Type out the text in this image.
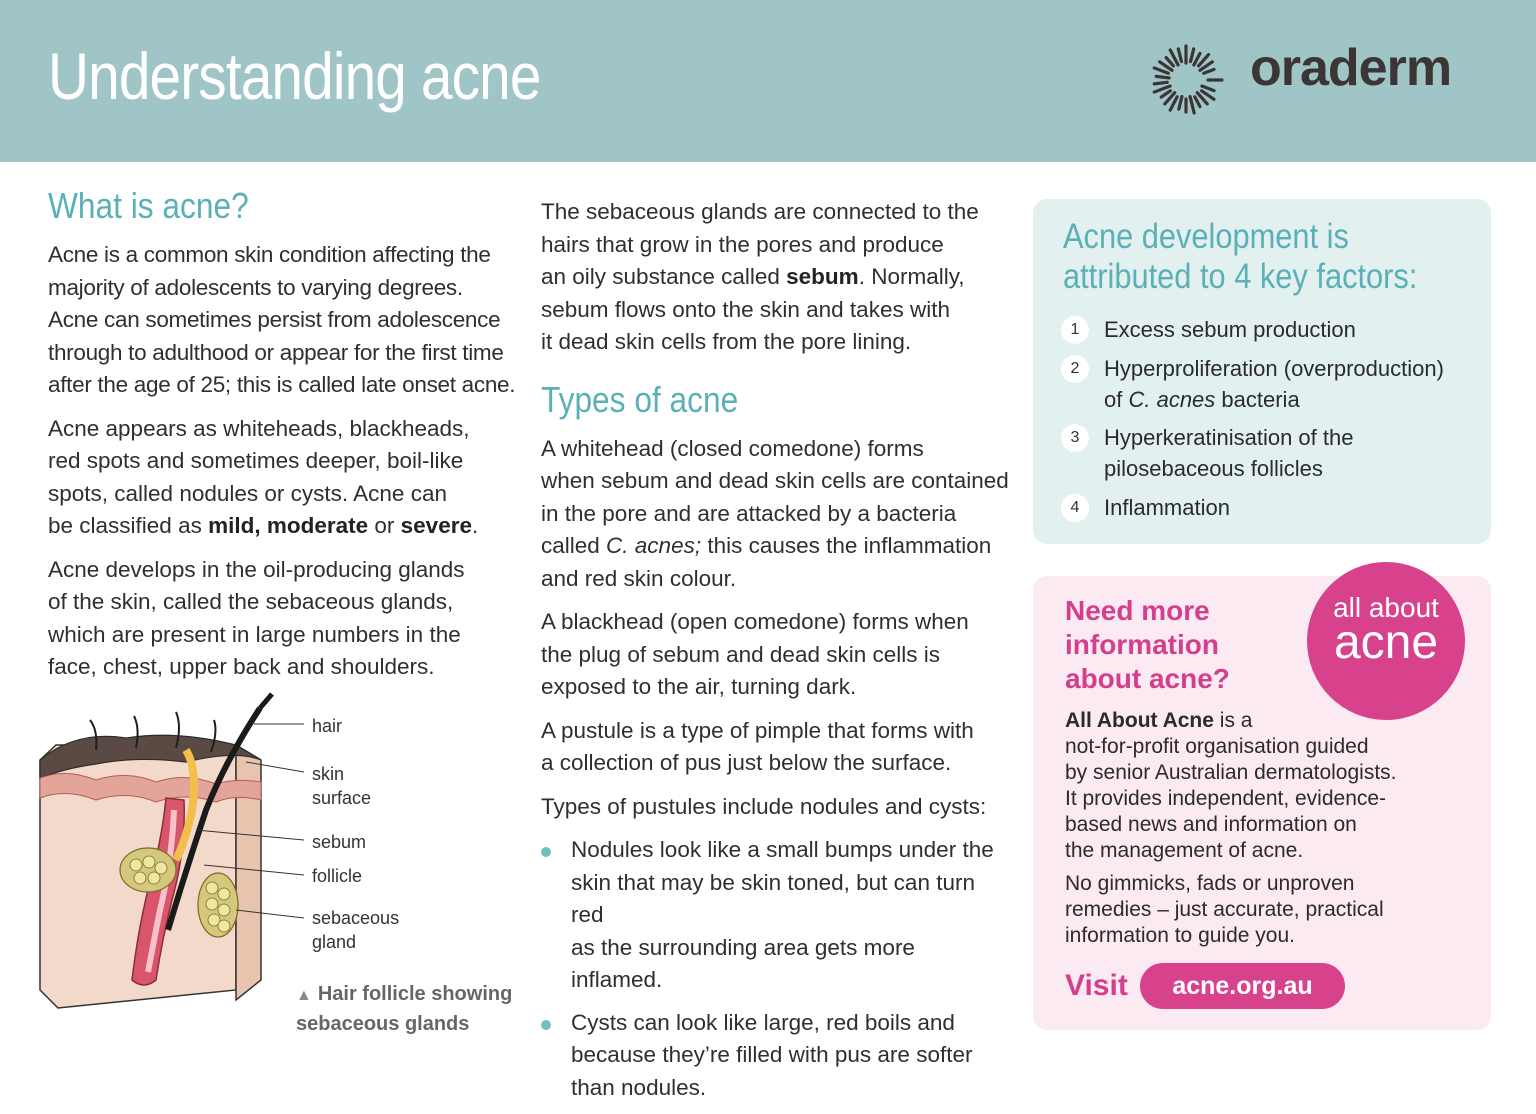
Understanding acne	oraderm
What is acne?

Acne is a common skin condition affecting the
majority of adolescents to varying degrees.
Acne can sometimes persist from adolescence
through to adulthood or appear for the first time
after the age of 25; this is called late onset acne.

Acne appears as whiteheads, blackheads,
red spots and sometimes deeper, boil-like
spots, called nodules or cysts. Acne can
be classified as mild, moderate or severe.

Acne develops in the oil-producing glands
of the skin, called the sebaceous glands,
which are present in large numbers in the
face, chest, upper back and shoulders.

hair
skin
surface
sebum
follicle
sebaceous
gland
▲ Hair follicle showing
sebaceous glands

The sebaceous glands are connected to the
hairs that grow in the pores and produce
an oily substance called sebum. Normally,
sebum flows onto the skin and takes with
it dead skin cells from the pore lining.

Types of acne

A whitehead (closed comedone) forms
when sebum and dead skin cells are contained
in the pore and are attacked by a bacteria
called C. acnes; this causes the inflammation
and red skin colour.

A blackhead (open comedone) forms when
the plug of sebum and dead skin cells is
exposed to the air, turning dark.

A pustule is a type of pimple that forms with
a collection of pus just below the surface.

Types of pustules include nodules and cysts:

Nodules look like a small bumps under the
skin that may be skin toned, but can turn red
as the surrounding area gets more inflamed.
Cysts can look like large, red boils and
because they’re filled with pus are softer
than nodules.
Acne development is
attributed to 4 key factors:
1	Excess sebum production
2	Hyperproliferation (overproduction)
of C. acnes bacteria
3	Hyperkeratinisation of the
pilosebaceous follicles
4	Inflammation
Need more
information
about acne?
all about
acne

All About Acne is a
not-for-profit organisation guided
by senior Australian dermatologists.
It provides independent, evidence-
based news and information on
the management of acne.

No gimmicks, fads or unproven
remedies – just accurate, practical
information to guide you.

Visit	acne.org.au
